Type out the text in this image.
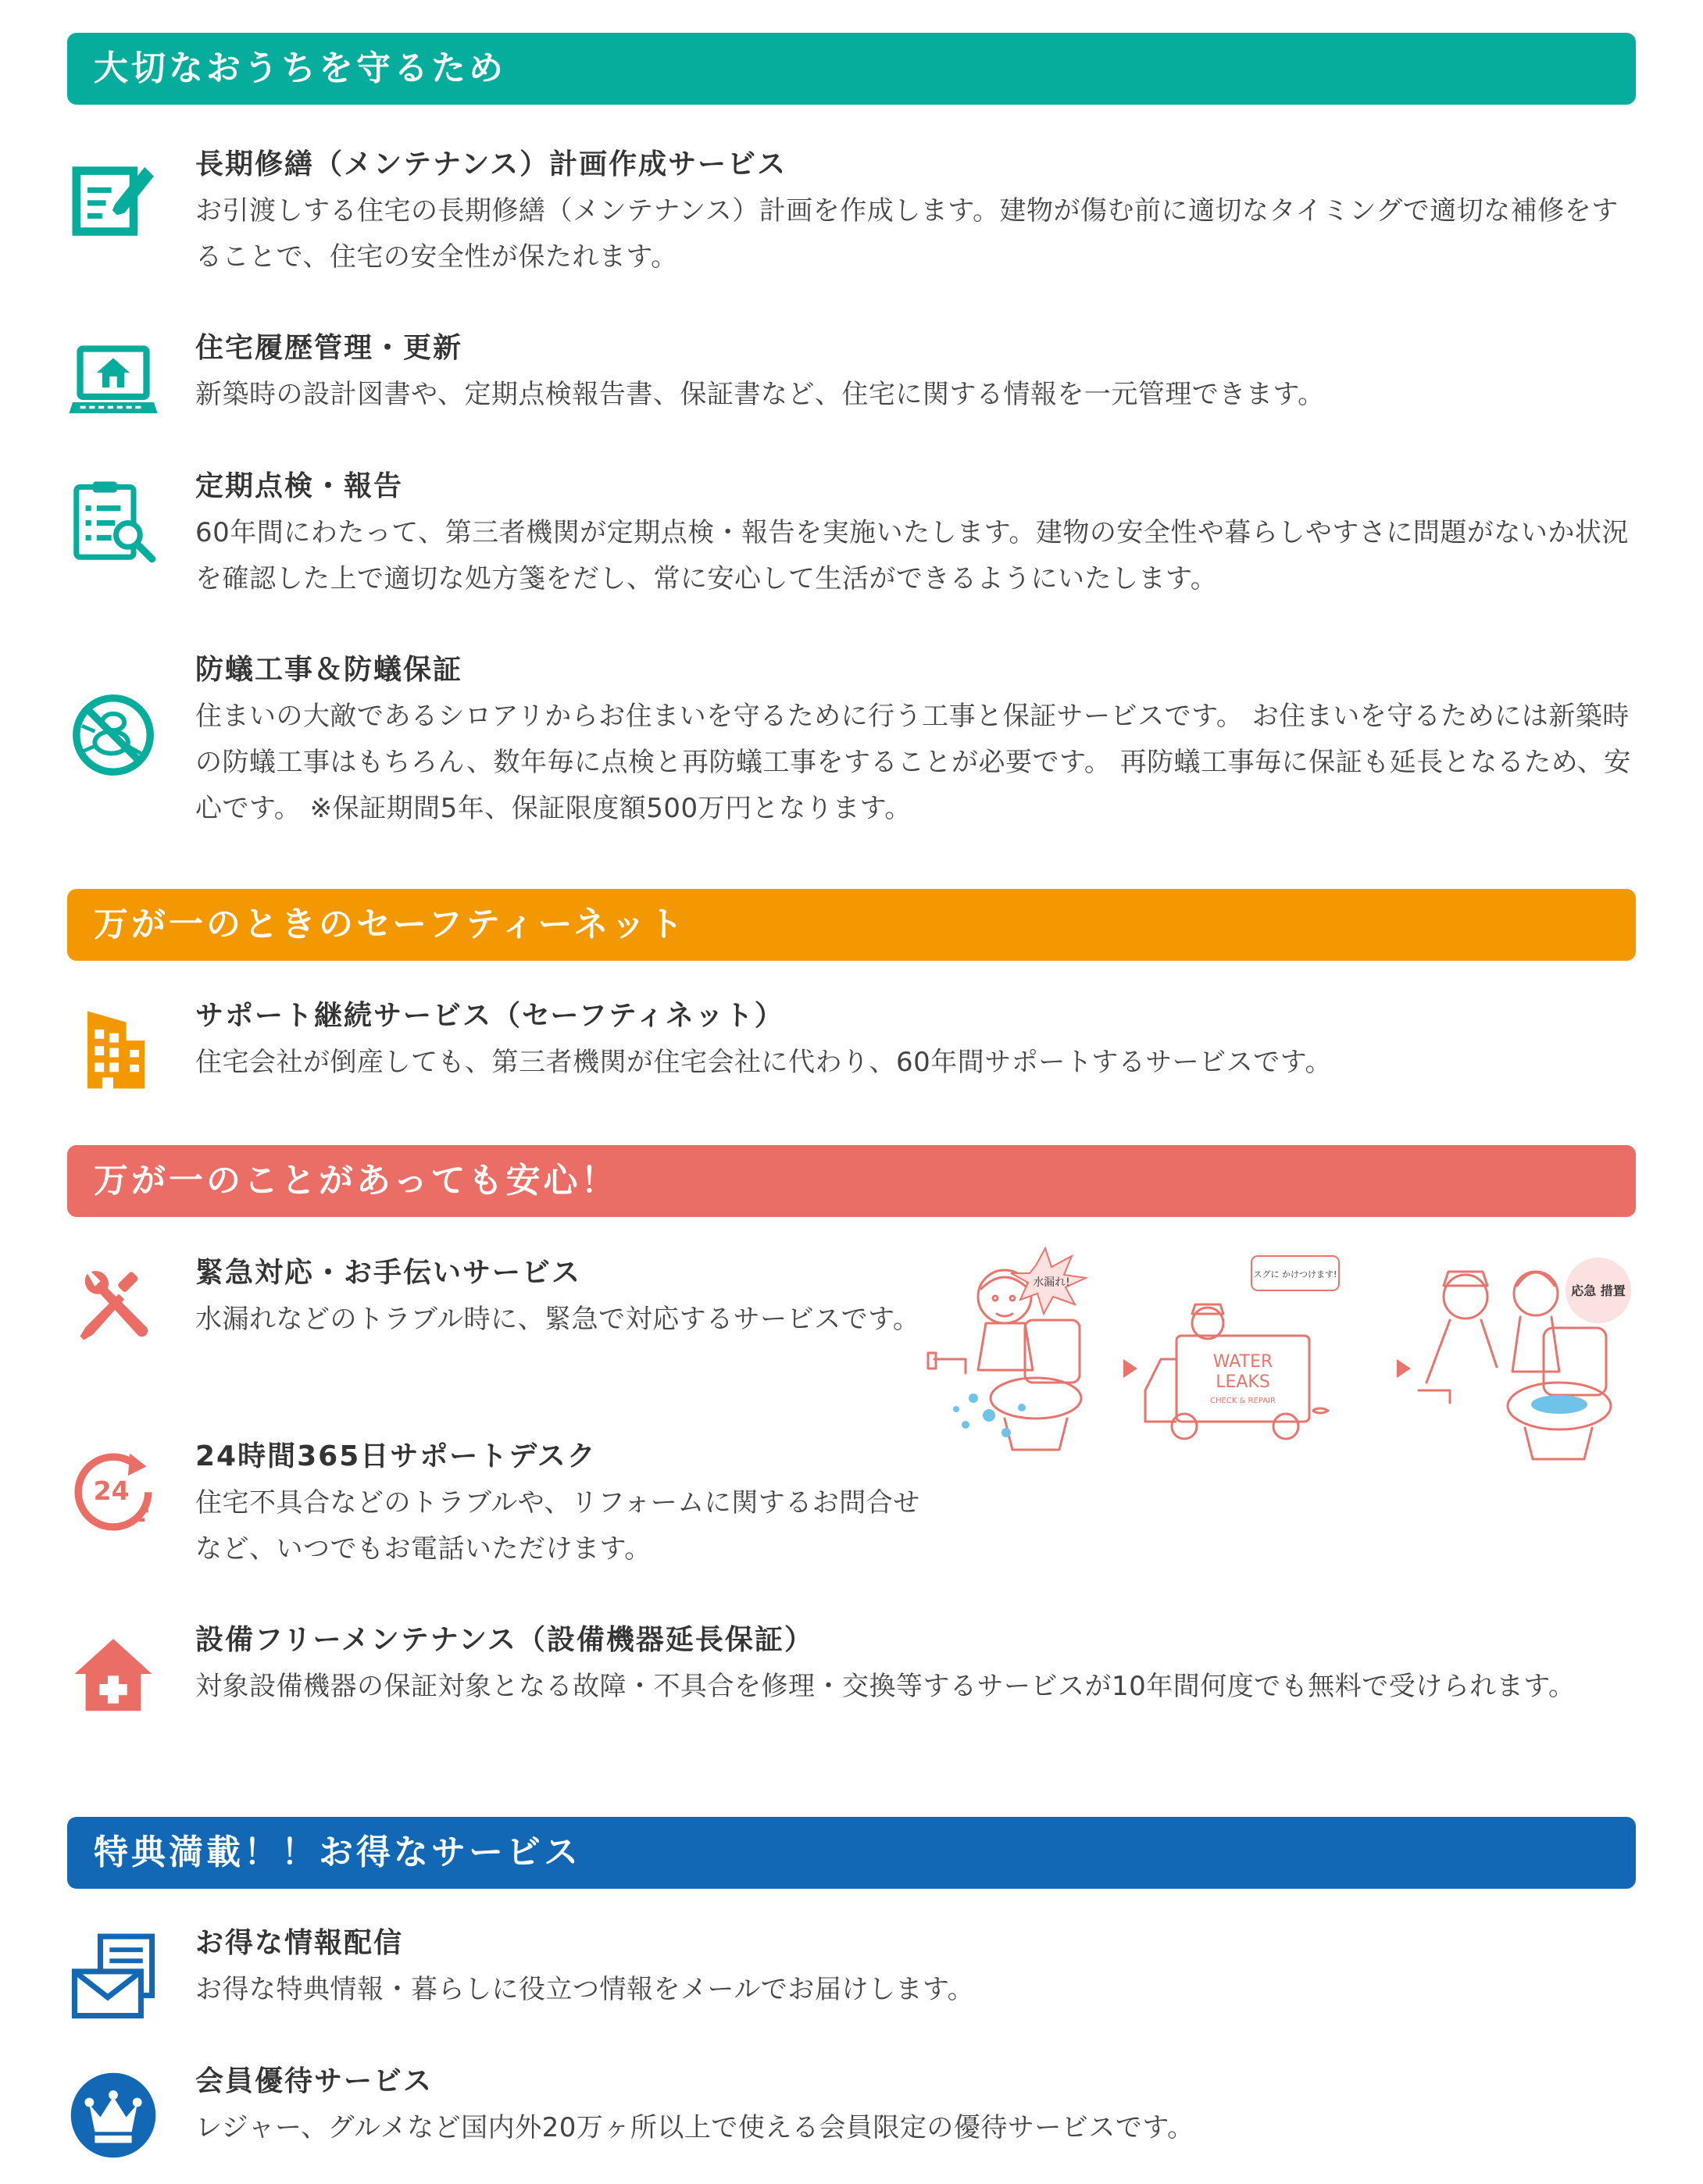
大切なおうちを守るため
長期修繕（メンテナンス）計画作成サービス
お引渡しする住宅の長期修繕（メンテナンス）計画を作成します。建物が傷む前に適切なタイミングで適切な補修をすることで、住宅の安全性が保たれます。
住宅履歴管理・更新
新築時の設計図書や、定期点検報告書、保証書など、住宅に関する情報を一元管理できます。
定期点検・報告
60年間にわたって、第三者機関が定期点検・報告を実施いたします。建物の安全性や暮らしやすさに問題がないか状況を確認した上で適切な処方箋をだし、常に安心して生活ができるようにいたします。
防蟻工事＆防蟻保証
住まいの大敵であるシロアリからお住まいを守るために行う工事と保証サービスです。 お住まいを守るためには新築時の防蟻工事はもちろん、数年毎に点検と再防蟻工事をすることが必要です。 再防蟻工事毎に保証も延長となるため、安心です。 ※保証期間5年、保証限度額500万円となります。
万が一のときのセーフティーネット
サポート継続サービス（セーフティネット）
住宅会社が倒産しても、第三者機関が住宅会社に代わり、60年間サポートするサービスです。
万が一のことがあっても安心！
緊急対応・お手伝いサービス
水漏れなどのトラブル時に、緊急で対応するサービスです。
24
24時間365日サポートデスク
住宅不具合などのトラブルや、リフォームに関するお問合せなど、いつでもお電話いただけます。
設備フリーメンテナンス（設備機器延長保証）
対象設備機器の保証対象となる故障・不具合を修理・交換等するサービスが10年間何度でも無料で受けられます。
水漏れ!
WATER
LEAKS
CHECK & REPAIR
スグに かけつけます!
応急 措置
特典満載！！お得なサービス
お得な情報配信
お得な特典情報・暮らしに役立つ情報をメールでお届けします。
会員優待サービス
レジャー、グルメなど国内外20万ヶ所以上で使える会員限定の優待サービスです。
